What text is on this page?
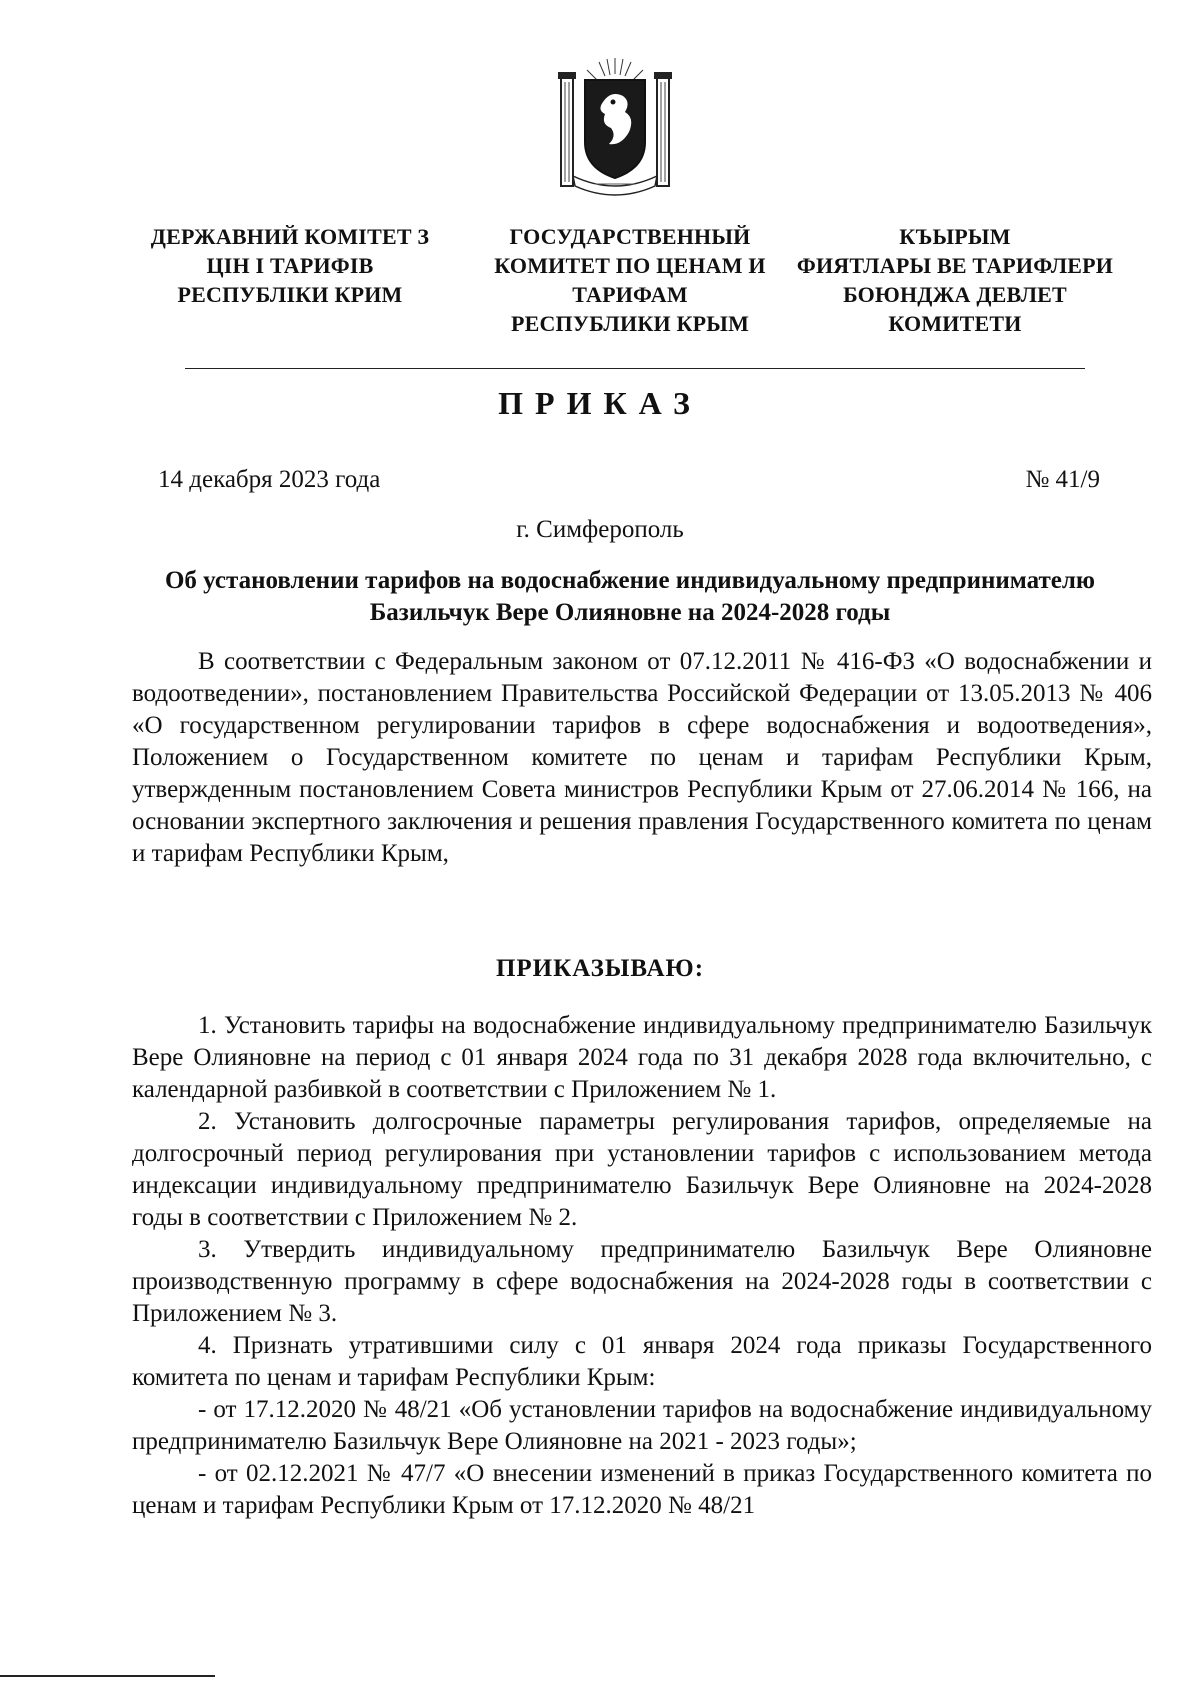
ДЕРЖАВНИЙ КОМІТЕТ З
ЦІН І ТАРИФІВ
РЕСПУБЛІКИ КРИМ
ГОСУДАРСТВЕННЫЙ
КОМИТЕТ ПО ЦЕНАМ И
ТАРИФАМ
РЕСПУБЛИКИ КРЫМ
КЪЫРЫМ
ФИЯТЛАРЫ ВЕ ТАРИФЛЕРИ
БОЮНДЖА ДЕВЛЕТ
КОМИТЕТИ
ПРИКАЗ
14 декабря 2023 года	№ 41/9
г. Симферополь
Об установлении тарифов на водоснабжение индивидуальному предпринимателю Базильчук Вере Олияновне на 2024-2028 годы

В соответствии с Федеральным законом от 07.12.2011 № 416-ФЗ «О водоснабжении и водоотведении», постановлением Правительства Российской Федерации от 13.05.2013 № 406 «О государственном регулировании тарифов в сфере водоснабжения и водоотведения», Положением о Государственном комитете по ценам и тарифам Республики Крым, утвержденным постановлением Совета министров Республики Крым от 27.06.2014 № 166, на основании экспертного заключения и решения правления Государственного комитета по ценам и тарифам Республики Крым,

ПРИКАЗЫВАЮ:

1. Установить тарифы на водоснабжение индивидуальному предпринимателю Базильчук Вере Олияновне на период с 01 января 2024 года по 31 декабря 2028 года включительно, с календарной разбивкой в соответствии с Приложением № 1.

2. Установить долгосрочные параметры регулирования тарифов, определяемые на долгосрочный период регулирования при установлении тарифов с использованием метода индексации индивидуальному предпринимателю Базильчук Вере Олияновне на 2024-2028 годы в соответствии с Приложением № 2.

3. Утвердить индивидуальному предпринимателю Базильчук Вере Олияновне производственную программу в сфере водоснабжения на 2024-2028 годы в соответствии с Приложением № 3.

4. Признать утратившими силу с 01 января 2024 года приказы Государственного комитета по ценам и тарифам Республики Крым:

- от 17.12.2020 № 48/21 «Об установлении тарифов на водоснабжение индивидуальному предпринимателю Базильчук Вере Олияновне на 2021 - 2023 годы»;

- от 02.12.2021 № 47/7 «О внесении изменений в приказ Государственного комитета по ценам и тарифам Республики Крым от 17.12.2020 № 48/21
